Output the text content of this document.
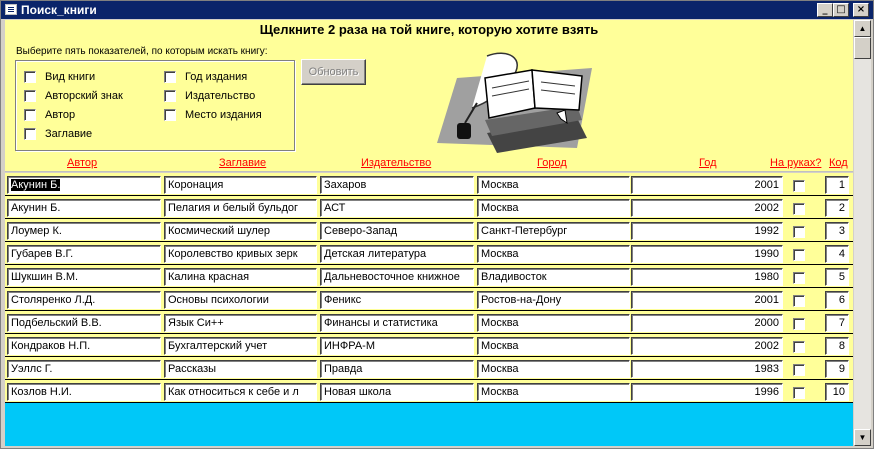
Поиск_книги	_ □	×
Щелкните 2 раза на той книге, которую хотите взять
Выберите пять показателей, по которым искать книгу:
Вид книги
Авторский знак
Автор
Заглавие
Год издания
Издательство
Место издания
Обновить
Автор	Заглавие	Издательство	Город	Год	На руках? Код
Акунин Б.	Коронация	Захаров	Москва	2001	1
Акунин Б.	Пелагия и белый бульдог	АСТ	Москва	2002	2
Лоумер К.	Космический шулер	Северо-Запад	Санкт-Петербург	1992	3
Губарев В.Г.	Королевство кривых зерк	Детская литература	Москва	1990	4
Шукшин В.М.	Калина красная	Дальневосточное книжное	Владивосток	1980	5
Столяренко Л.Д.	Основы психологии	Феникс	Ростов-на-Дону	2001	6
Подбельский В.В.	Язык Си++	Финансы и статистика	Москва	2000	7
Кондраков Н.П.	Бухгалтерский учет	ИНФРА-М	Москва	2002	8
Уэллс Г.	Рассказы	Правда	Москва	1983	9
Козлов Н.И.	Как относиться к себе и л	Новая школа	Москва	1996	10
▲
▼
